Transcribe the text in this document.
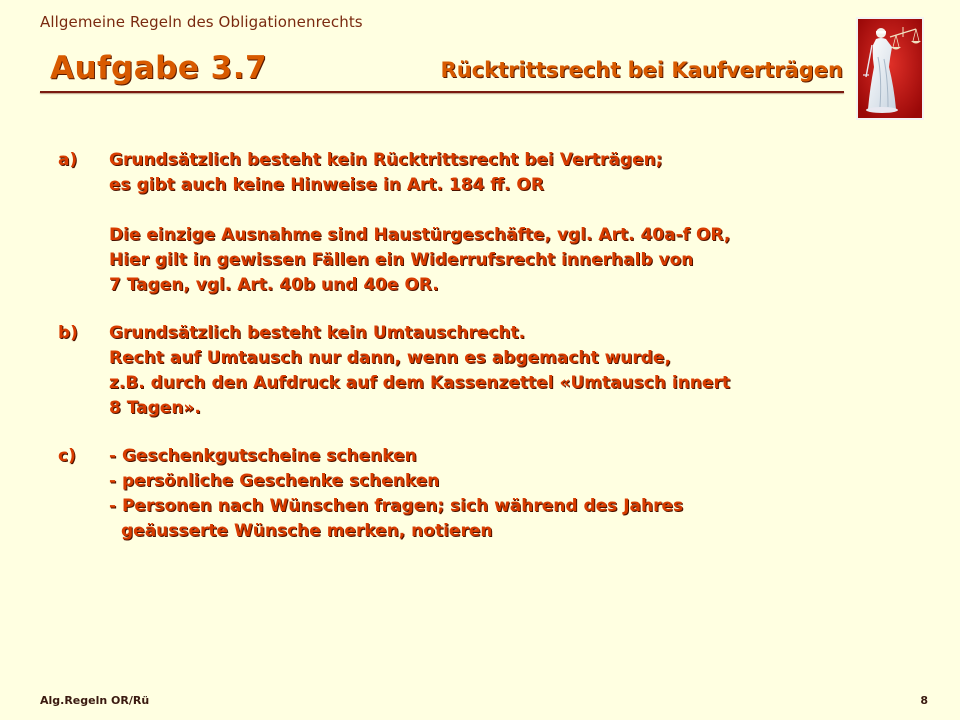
Allgemeine Regeln des Obligationenrechts
Aufgabe 3.7	Rücktrittsrecht bei Kaufverträgen
a)	Grundsätzlich besteht kein Rücktrittsrecht bei Verträgen;
es gibt auch keine Hinweise in Art. 184 ff. OR
Die einzige Ausnahme sind Haustürgeschäfte, vgl. Art. 40a-f OR,
Hier gilt in gewissen Fällen ein Widerrufsrecht innerhalb von
7 Tagen, vgl. Art. 40b und 40e OR.
b)	Grundsätzlich besteht kein Umtauschrecht.
Recht auf Umtausch nur dann, wenn es abgemacht wurde,
z.B. durch den Aufdruck auf dem Kassenzettel «Umtausch innert
8 Tagen».
c)	- Geschenkgutscheine schenken
- persönliche Geschenke schenken
- Personen nach Wünschen fragen; sich während des Jahres
geäusserte Wünsche merken, notieren
Alg.Regeln OR/Rü	8
